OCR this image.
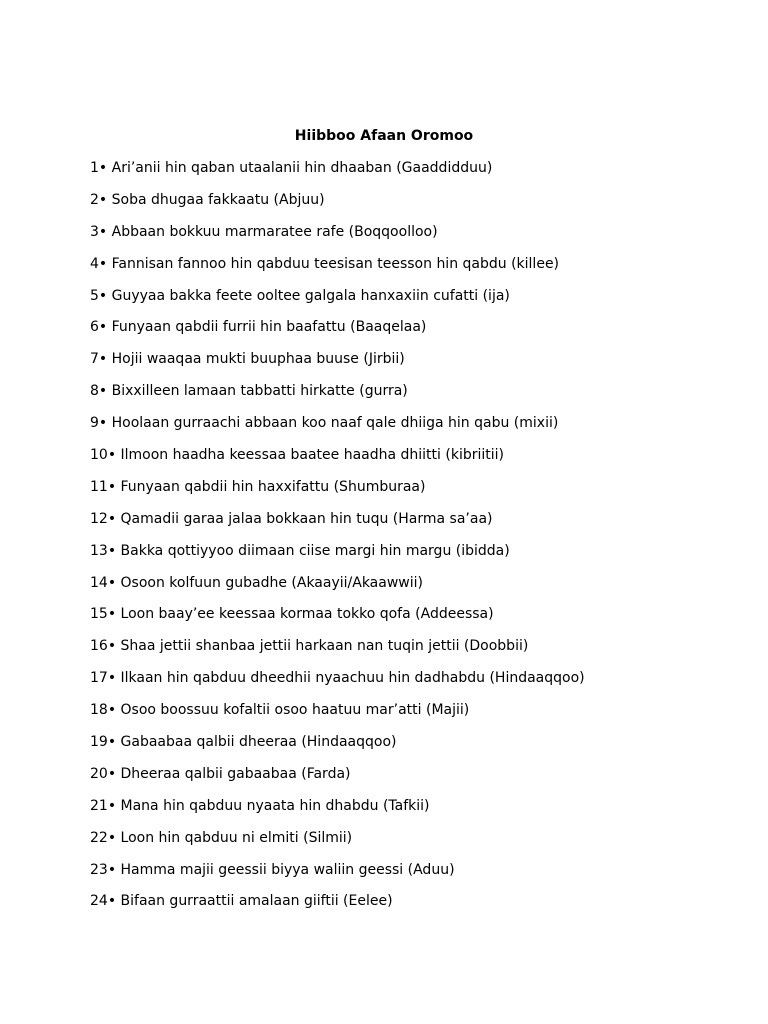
Hiibboo Afaan Oromoo
1• Ari’anii hin qaban utaalanii hin dhaaban (Gaaddidduu)
2• Soba dhugaa fakkaatu (Abjuu)
3• Abbaan bokkuu marmaratee rafe (Boqqoolloo)
4• Fannisan fannoo hin qabduu teesisan teesson hin qabdu (killee)
5• Guyyaa bakka feete ooltee galgala hanxaxiin cufatti (ija)
6• Funyaan qabdii furrii hin baafattu (Baaqelaa)
7• Hojii waaqaa mukti buuphaa buuse (Jirbii)
8• Bixxilleen lamaan tabbatti hirkatte (gurra)
9• Hoolaan gurraachi abbaan koo naaf qale dhiiga hin qabu (mixii)
10• Ilmoon haadha keessaa baatee haadha dhiitti (kibriitii)
11• Funyaan qabdii hin haxxifattu (Shumburaa)
12• Qamadii garaa jalaa bokkaan hin tuqu (Harma sa’aa)
13• Bakka qottiyyoo diimaan ciise margi hin margu (ibidda)
14• Osoon kolfuun gubadhe (Akaayii/Akaawwii)
15• Loon baay’ee keessaa kormaa tokko qofa (Addeessa)
16• Shaa jettii shanbaa jettii harkaan nan tuqin jettii (Doobbii)
17• Ilkaan hin qabduu dheedhii nyaachuu hin dadhabdu (Hindaaqqoo)
18• Osoo boossuu kofaltii osoo haatuu mar’atti (Majii)
19• Gabaabaa qalbii dheeraa (Hindaaqqoo)
20• Dheeraa qalbii gabaabaa (Farda)
21• Mana hin qabduu nyaata hin dhabdu (Tafkii)
22• Loon hin qabduu ni elmiti (Silmii)
23• Hamma majii geessii biyya waliin geessi (Aduu)
24• Bifaan gurraattii amalaan giiftii (Eelee)
